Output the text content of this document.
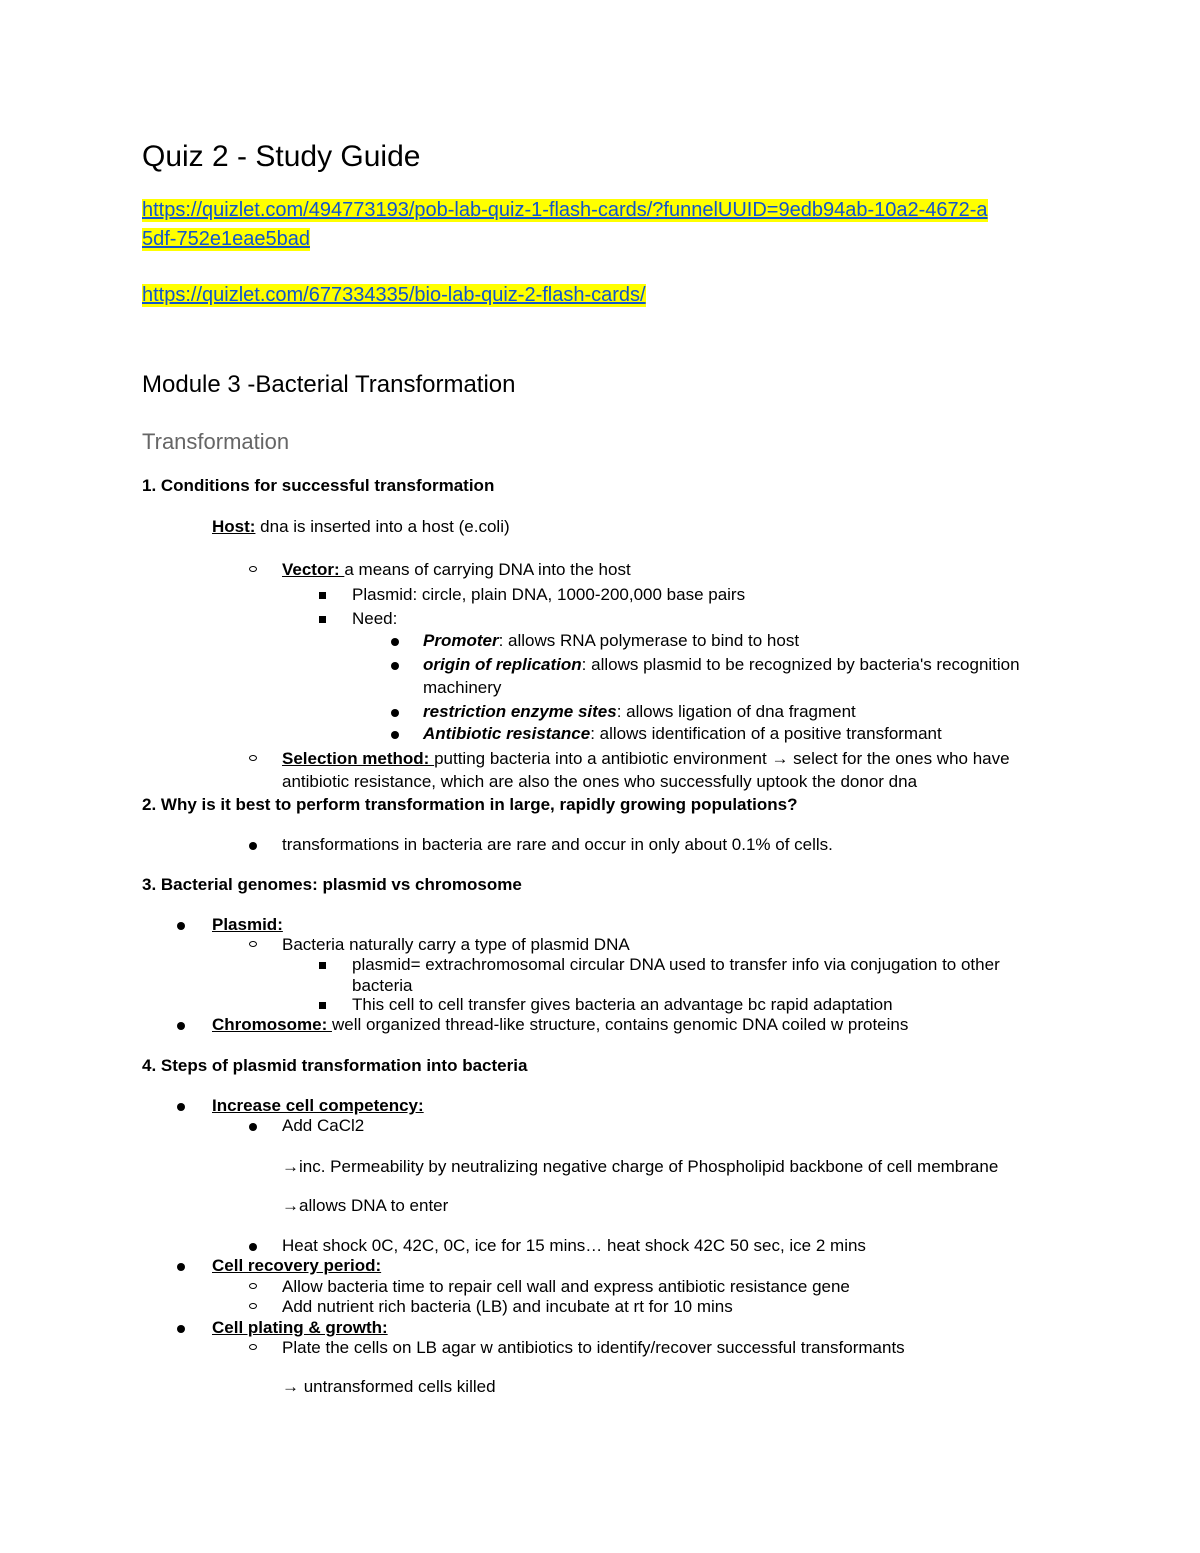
Quiz 2 - Study Guide
https://quizlet.com/494773193/pob-lab-quiz-1-flash-cards/?funnelUUID=9edb94ab-10a2-4672-a
5df-752e1eae5bad
https://quizlet.com/677334335/bio-lab-quiz-2-flash-cards/
Module 3 -Bacterial Transformation
Transformation
1. Conditions for successful transformation
Host: dna is inserted into a host (e.coli)
Vector: a means of carrying DNA into the host
Plasmid: circle, plain DNA, 1000-200,000 base pairs
Need:
Promoter: allows RNA polymerase to bind to host
origin of replication: allows plasmid to be recognized by bacteria's recognition
machinery
restriction enzyme sites: allows ligation of dna fragment
Antibiotic resistance: allows identification of a positive transformant
Selection method: putting bacteria into a antibiotic environment → select for the ones who have
antibiotic resistance, which are also the ones who successfully uptook the donor dna
2. Why is it best to perform transformation in large, rapidly growing populations?
transformations in bacteria are rare and occur in only about 0.1% of cells.
3. Bacterial genomes: plasmid vs chromosome
Plasmid:
Bacteria naturally carry a type of plasmid DNA
plasmid= extrachromosomal circular DNA used to transfer info via conjugation to other
bacteria
This cell to cell transfer gives bacteria an advantage bc rapid adaptation
Chromosome: well organized thread-like structure, contains genomic DNA coiled w proteins
4. Steps of plasmid transformation into bacteria
Increase cell competency:
Add CaCl2
→inc. Permeability by neutralizing negative charge of Phospholipid backbone of cell membrane
→allows DNA to enter
Heat shock 0C, 42C, 0C, ice for 15 mins… heat shock 42C 50 sec, ice 2 mins
Cell recovery period:
Allow bacteria time to repair cell wall and express antibiotic resistance gene
Add nutrient rich bacteria (LB) and incubate at rt for 10 mins
Cell plating & growth:
Plate the cells on LB agar w antibiotics to identify/recover successful transformants
→ untransformed cells killed
